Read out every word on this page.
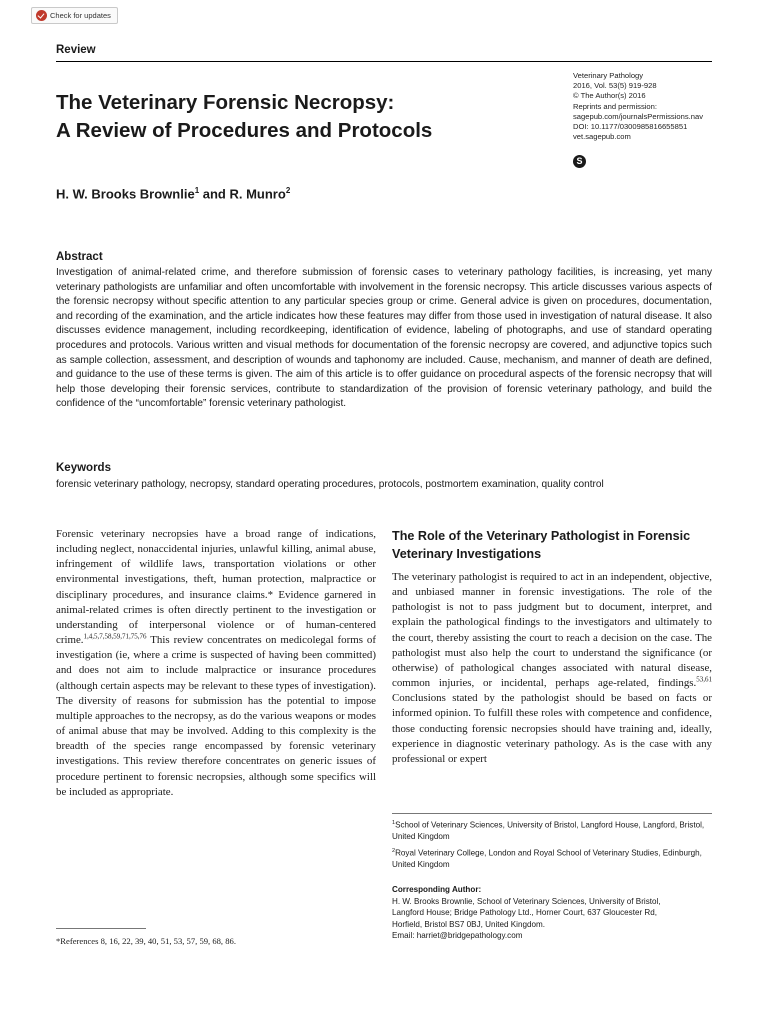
Check for updates
Review
The Veterinary Forensic Necropsy:
A Review of Procedures and Protocols
Veterinary Pathology
2016, Vol. 53(5) 919-928
© The Author(s) 2016
Reprints and permission:
sagepub.com/journalsPermissions.nav
DOI: 10.1177/0300985816655851
vet.sagepub.com
S
H. W. Brooks Brownlie$^1$ and R. Munro$^2$
Abstract

Investigation of animal-related crime, and therefore submission of forensic cases to veterinary pathology facilities, is increasing, yet many veterinary pathologists are unfamiliar and often uncomfortable with involvement in the forensic necropsy. This article discusses various aspects of the forensic necropsy without specific attention to any particular species group or crime. General advice is given on procedures, documentation, and recording of the examination, and the article indicates how these features may differ from those used in investigation of natural disease. It also discusses evidence management, including recordkeeping, identification of evidence, labeling of photographs, and use of standard operating procedures and protocols. Various written and visual methods for documentation of the forensic necropsy are covered, and adjunctive topics such as sample collection, assessment, and description of wounds and taphonomy are included. Cause, mechanism, and manner of death are defined, and guidance to the use of these terms is given. The aim of this article is to offer guidance on procedural aspects of the forensic necropsy that will help those developing their forensic services, contribute to standardization of the provision of forensic veterinary pathology, and build the confidence of the “uncomfortable” forensic veterinary pathologist.

Keywords

forensic veterinary pathology, necropsy, standard operating procedures, protocols, postmortem examination, quality control

Forensic veterinary necropsies have a broad range of indications, including neglect, nonaccidental injuries, unlawful killing, animal abuse, infringement of wildlife laws, transportation violations or other environmental investigations, theft, human protection, malpractice or disciplinary procedures, and insurance claims.* Evidence garnered in animal-related crimes is often directly pertinent to the investigation or understanding of interpersonal violence or of human-centered crime.$^{1,4,5,7,58,59,71,75,76}$ This review concentrates on medicolegal forms of investigation (ie, where a crime is suspected of having been committed) and does not aim to include malpractice or insurance procedures (although certain aspects may be relevant to these types of investigation). The diversity of reasons for submission has the potential to impose multiple approaches to the necropsy, as do the various weapons or modes of animal abuse that may be involved. Adding to this complexity is the breadth of the species range encompassed by forensic veterinary investigations. This review therefore concentrates on generic issues of procedure pertinent to forensic necropsies, although some specifics will be included as appropriate.

*References 8, 16, 22, 39, 40, 51, 53, 57, 59, 68, 86.
The Role of the Veterinary Pathologist in Forensic Veterinary Investigations

The veterinary pathologist is required to act in an independent, objective, and unbiased manner in forensic investigations. The role of the pathologist is not to pass judgment but to document, interpret, and explain the pathological findings to the investigators and ultimately to the court, thereby assisting the court to reach a decision on the case. The pathologist must also help the court to understand the significance (or otherwise) of pathological changes associated with natural disease, common injuries, or incidental, perhaps age-related, findings.$^{53,61}$ Conclusions stated by the pathologist should be based on facts or informed opinion. To fulfill these roles with competence and confidence, those conducting forensic necropsies should have training and, ideally, experience in diagnostic veterinary pathology. As is the case with any professional or expert

$^1$School of Veterinary Sciences, University of Bristol, Langford House, Langford, Bristol, United Kingdom

$^2$Royal Veterinary College, London and Royal School of Veterinary Studies, Edinburgh, United Kingdom

Corresponding Author:
H. W. Brooks Brownlie, School of Veterinary Sciences, University of Bristol,
Langford House; Bridge Pathology Ltd., Horner Court, 637 Gloucester Rd,
Horfield, Bristol BS7 0BJ, United Kingdom.
Email: harriet@bridgepathology.com
